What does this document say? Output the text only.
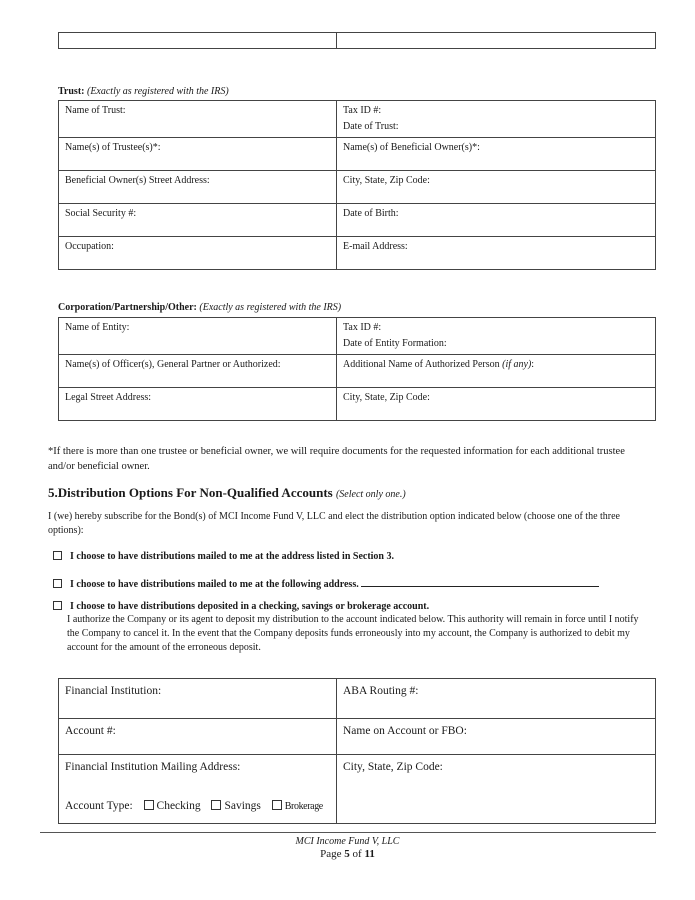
Trust: (Exactly as registered with the IRS)
Name of Trust:	Tax ID #:
Date of Trust:
Name(s) of Trustee(s)*:	Name(s) of Beneficial Owner(s)*:
Beneficial Owner(s) Street Address:	City, State, Zip Code:
Social Security #:	Date of Birth:
Occupation:	E-mail Address:
Corporation/Partnership/Other: (Exactly as registered with the IRS)
Name of Entity:	Tax ID #:
Date of Entity Formation:
Name(s) of Officer(s), General Partner or Authorized:	Additional Name of Authorized Person (if any):
Legal Street Address:	City, State, Zip Code:
*If there is more than one trustee or beneficial owner, we will require documents for the requested information for each additional trustee and/or beneficial owner.
5.Distribution Options For Non-Qualified Accounts (Select only one.)
I (we) hereby subscribe for the Bond(s) of MCI Income Fund V, LLC and elect the distribution option indicated below (choose one of the three options):
I choose to have distributions mailed to me at the address listed in Section 3.
I choose to have distributions mailed to me at the following address.
I choose to have distributions deposited in a checking, savings or brokerage account.
I authorize the Company or its agent to deposit my distribution to the account indicated below. This authority will remain in force until I notify the Company to cancel it. In the event that the Company deposits funds erroneously into my account, the Company is authorized to debit my account for the amount of the erroneous deposit.
Financial Institution:	ABA Routing #:
Account #:	Name on Account or FBO:

Financial Institution Mailing Address:
Account Type: Checking Savings Brokerage	City, State, Zip Code:
MCI Income Fund V, LLC
Page 5 of 11
